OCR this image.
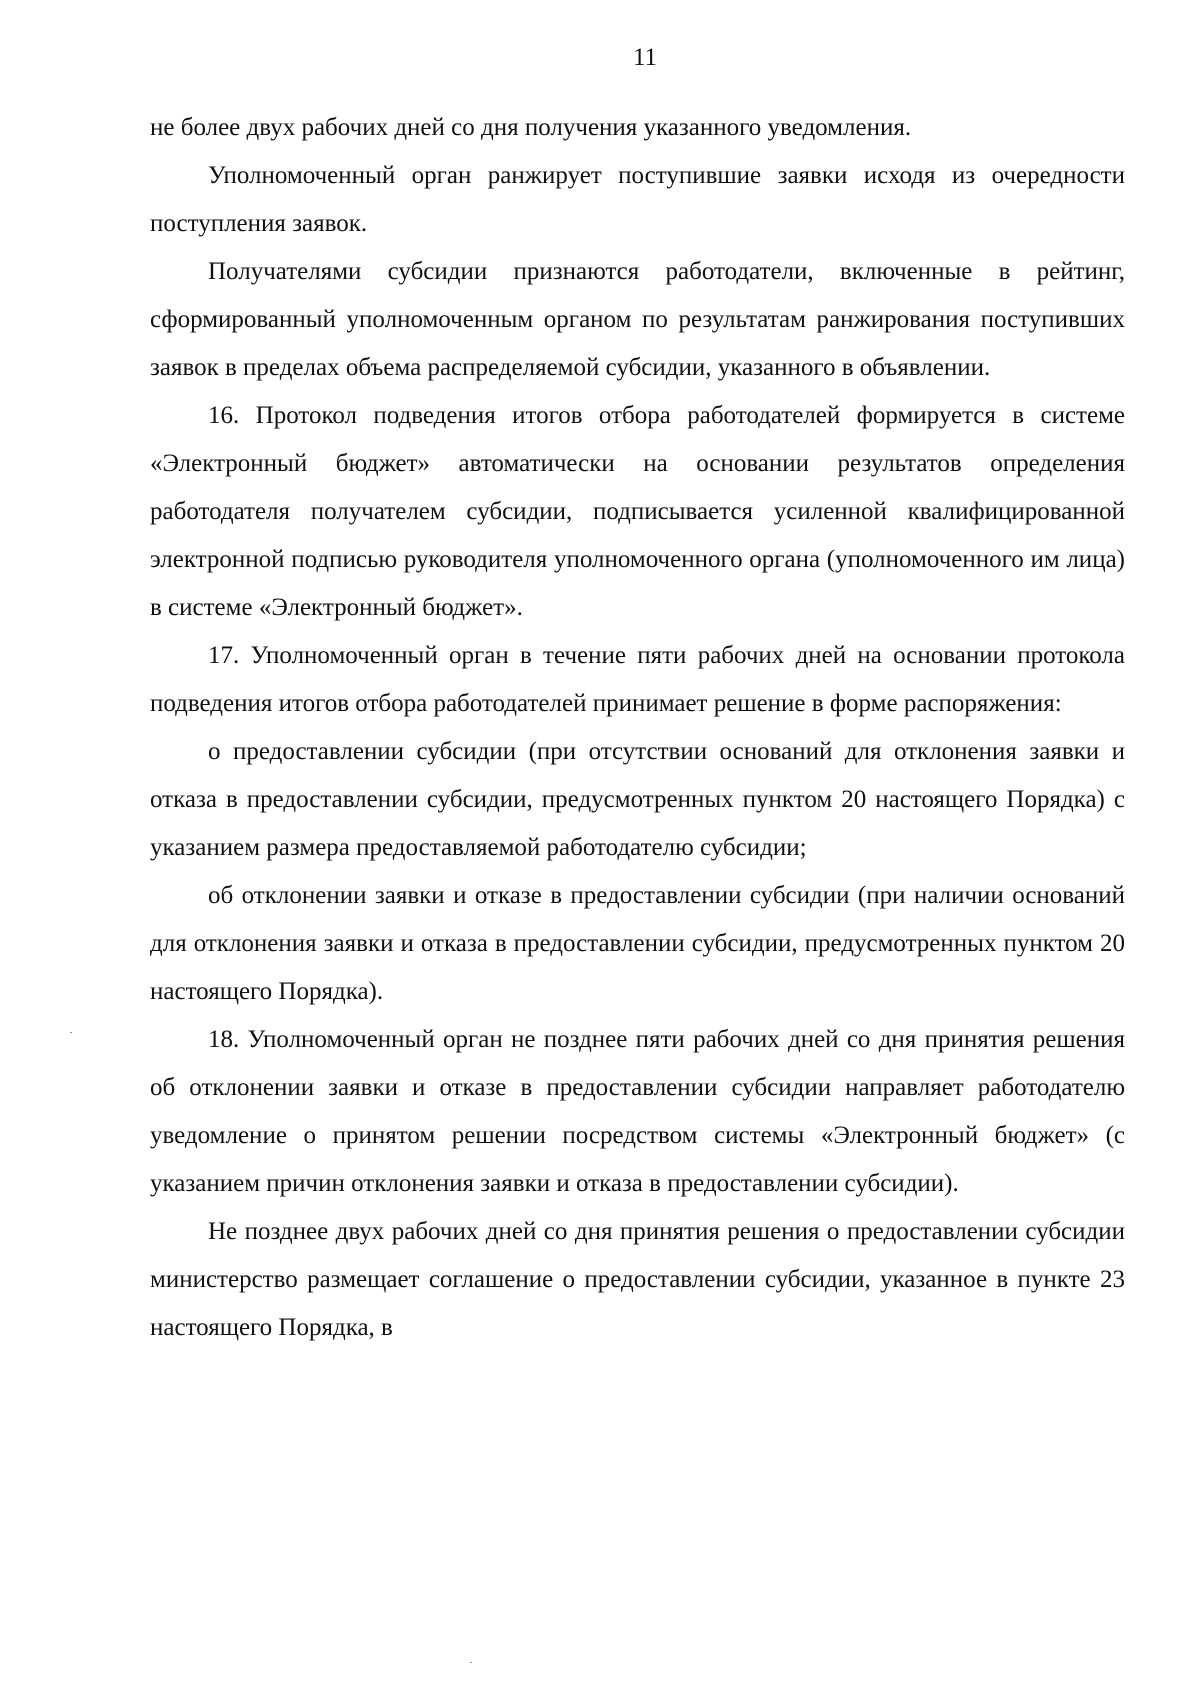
11

не более двух рабочих дней со дня получения указанного уведомления.

Уполномоченный орган ранжирует поступившие заявки исходя из очередности поступления заявок.

Получателями субсидии признаются работодатели, включенные в рейтинг, сформированный уполномоченным органом по результатам ранжирования поступивших заявок в пределах объема распределяемой субсидии, указанного в объявлении.

16. Протокол подведения итогов отбора работодателей формируется в системе «Электронный бюджет» автоматически на основании результатов определения работодателя получателем субсидии, подписывается усиленной квалифицированной электронной подписью руководителя уполномоченного органа (уполномоченного им лица) в системе «Электронный бюджет».

17. Уполномоченный орган в течение пяти рабочих дней на основании протокола подведения итогов отбора работодателей принимает решение в форме распоряжения:

о предоставлении субсидии (при отсутствии оснований для отклонения заявки и отказа в предоставлении субсидии, предусмотренных пунктом 20 настоящего Порядка) с указанием размера предоставляемой работодателю субсидии;

об отклонении заявки и отказе в предоставлении субсидии (при наличии оснований для отклонения заявки и отказа в предоставлении субсидии, предусмотренных пунктом 20 настоящего Порядка).

18. Уполномоченный орган не позднее пяти рабочих дней со дня принятия решения об отклонении заявки и отказе в предоставлении субсидии направляет работодателю уведомление о принятом решении посредством системы «Электронный бюджет» (с указанием причин отклонения заявки и отказа в предоставлении субсидии).

Не позднее двух рабочих дней со дня принятия решения о предоставлении субсидии министерство размещает соглашение о предоставлении субсидии, указанное в пункте 23 настоящего Порядка, в
